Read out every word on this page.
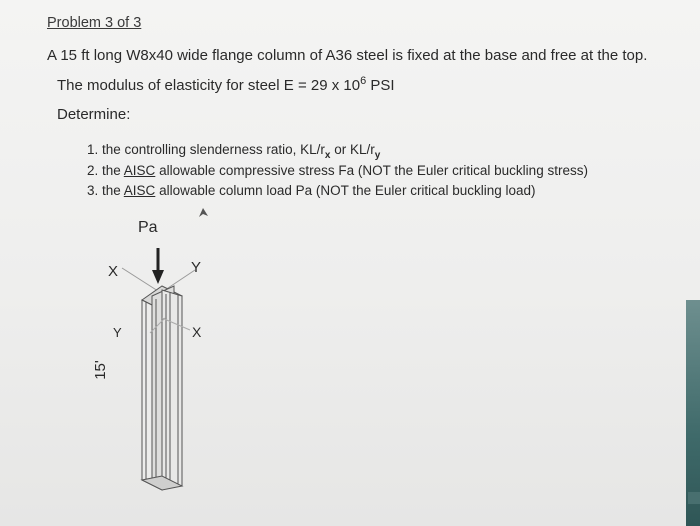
Problem 3 of 3
A 15 ft long W8x40 wide flange column of A36 steel is fixed at the base and free at the top.
The modulus of elasticity for steel E = 29 x $10^6$ PSI
Determine:
1. the controlling slenderness ratio, $KL/r_x$ or $KL/r_y$
2. the AISC allowable compressive stress Fa (NOT the Euler critical buckling stress)
3. the AISC allowable column load Pa (NOT the Euler critical buckling load)
Pa
15'
X	Y
Y	X
